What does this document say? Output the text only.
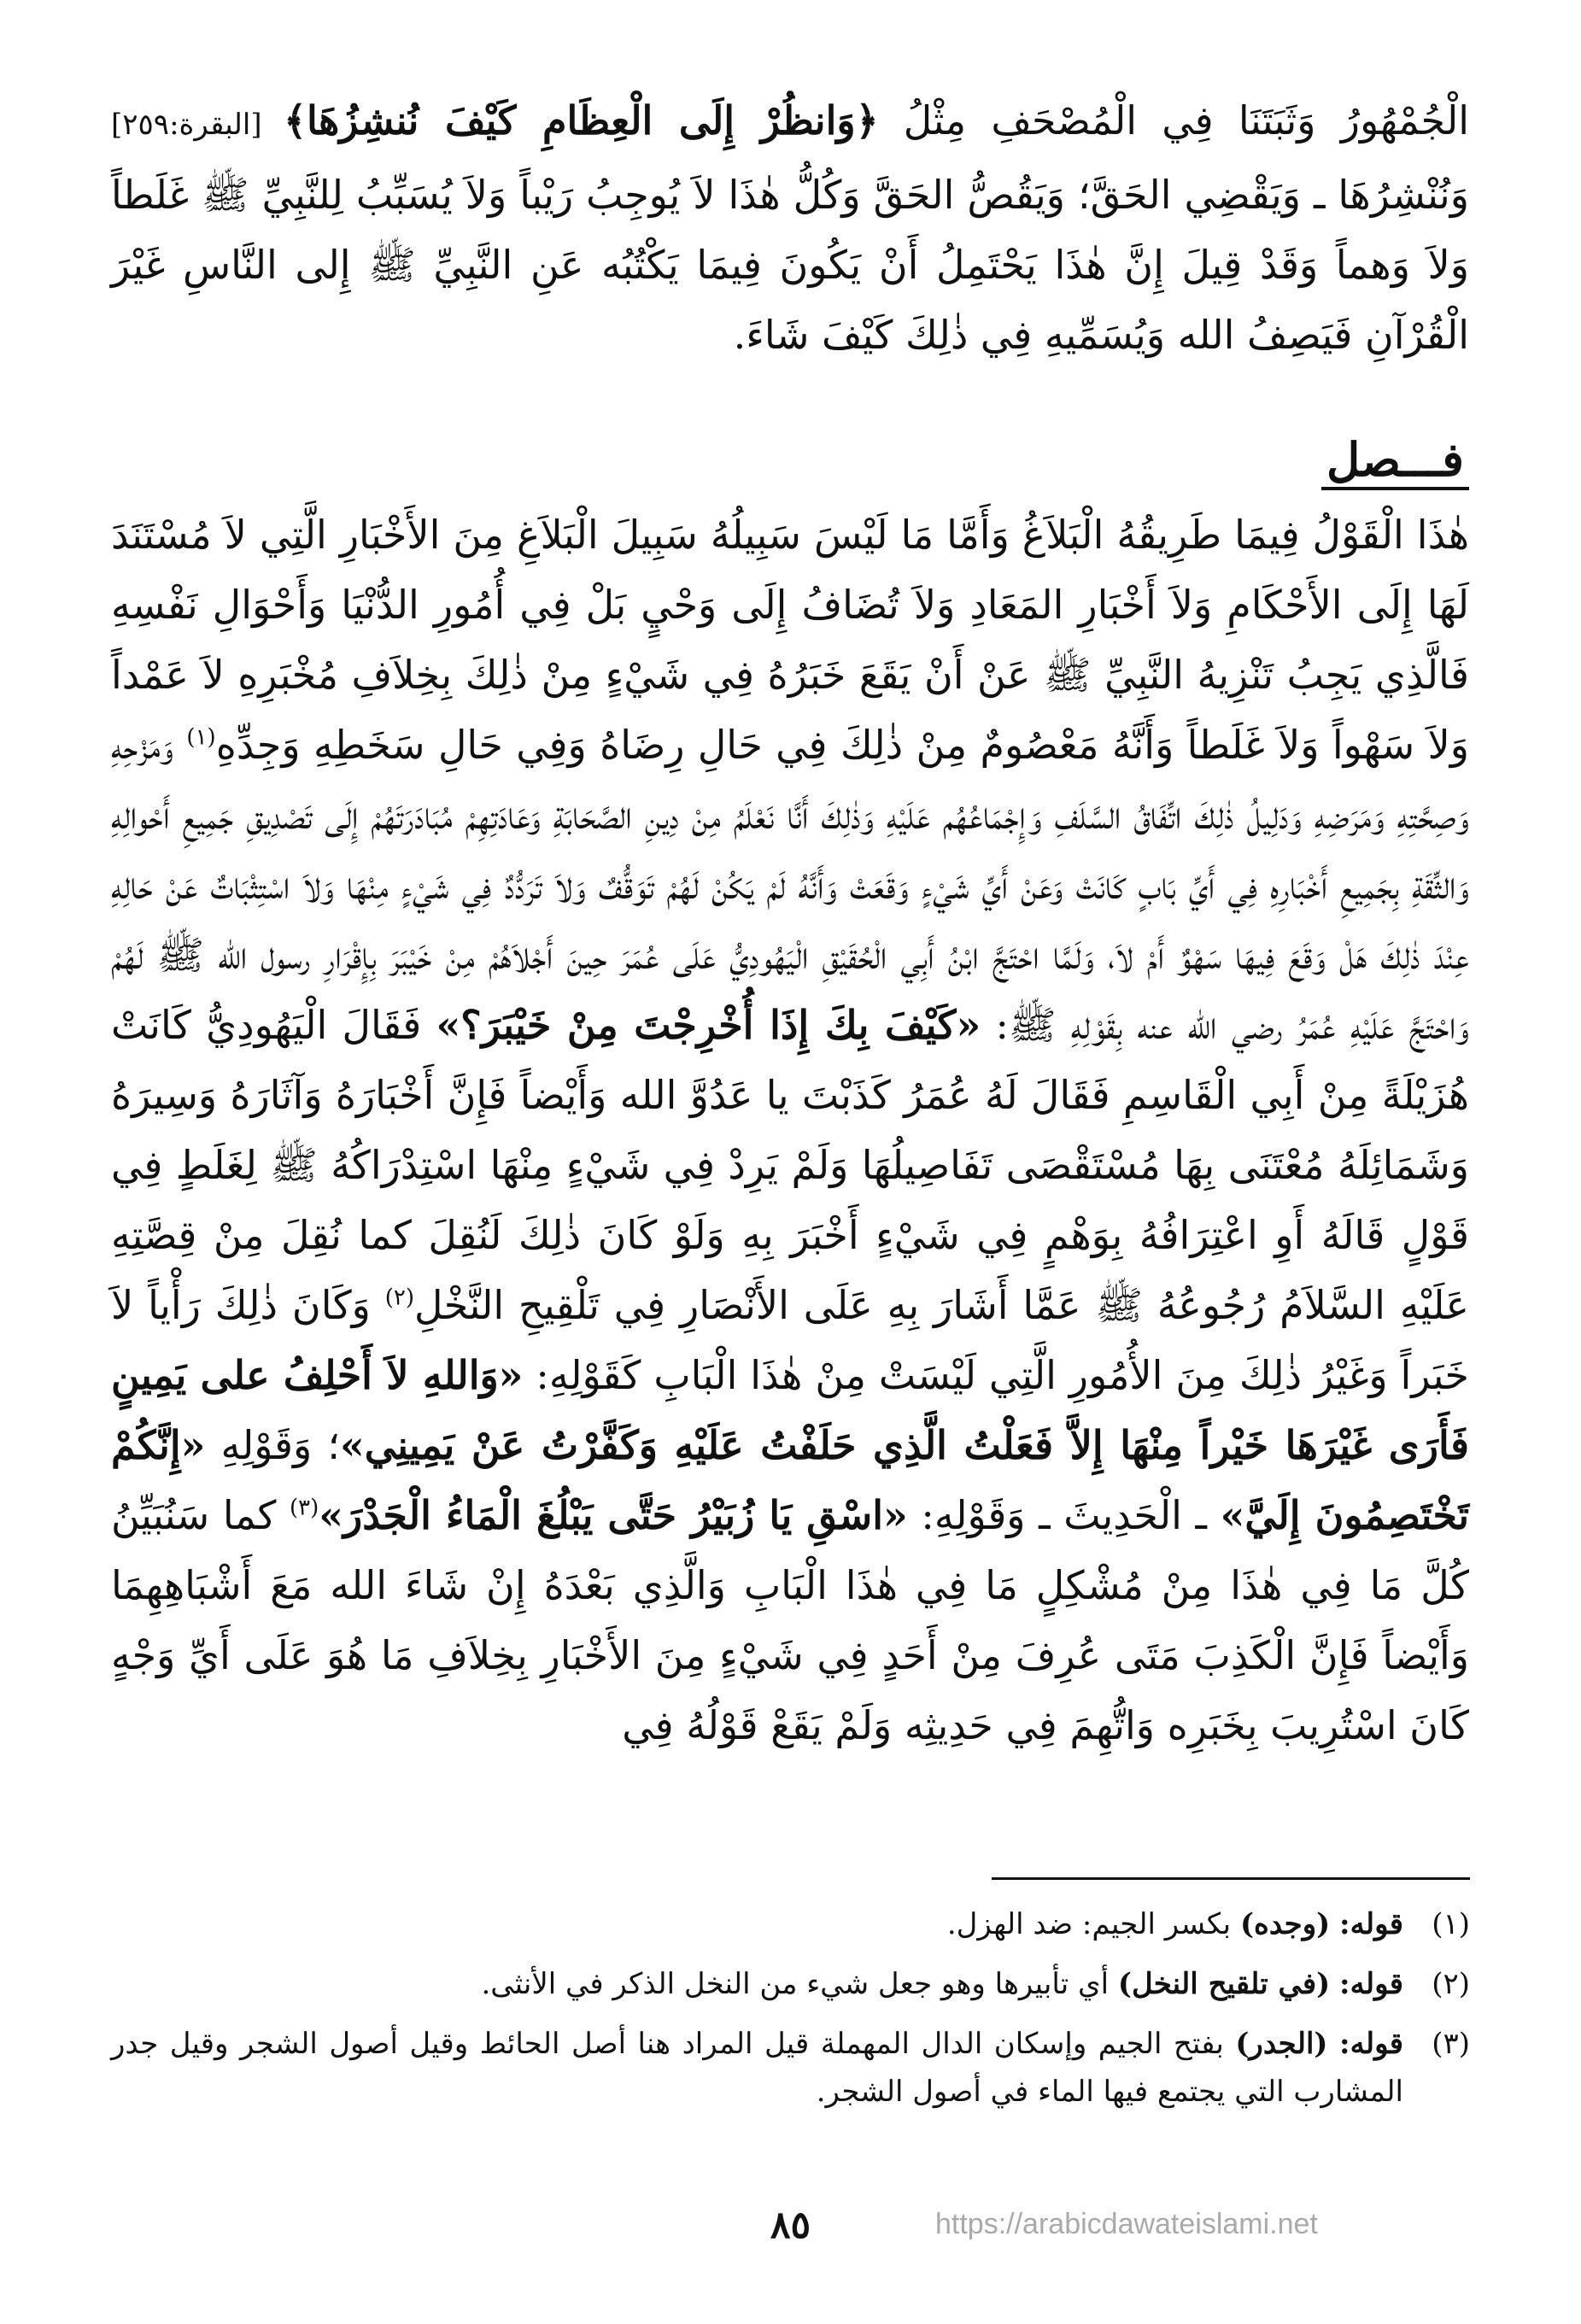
الْجُمْهُورُ وَثَبَتَنَا فِي الْمُصْحَفِ مِثْلُ ﴿وَانظُرْ إِلَى الْعِظَامِ كَيْفَ نُنشِزُهَا﴾ [البقرة:٢٥٩] وَنُنْشِرُهَا ـ وَيَقْضِي الحَقَّ؛ وَيَقُصُّ الحَقَّ وَكُلُّ هٰذَا لاَ يُوجِبُ رَيْباً وَلاَ يُسَبِّبُ لِلنَّبِيِّ ﷺ غَلَطاً وَلاَ وَهماً وَقَدْ قِيلَ إِنَّ هٰذَا يَحْتَمِلُ أَنْ يَكُونَ فِيمَا يَكْتُبُه عَنِ النَّبِيِّ ﷺ إِلى النَّاسِ غَيْرَ الْقُرْآنِ فَيَصِفُ الله وَيُسَمِّيهِ فِي ذٰلِكَ كَيْفَ شَاءَ.

فـــصل

هٰذَا الْقَوْلُ فِيمَا طَرِيقُهُ الْبَلاَغُ وَأَمَّا مَا لَيْسَ سَبِيلُهُ سَبِيلَ الْبَلاَغِ مِنَ الأَخْبَارِ الَّتِي لاَ مُسْتَنَدَ لَهَا إِلَى الأَحْكَامِ وَلاَ أَخْبَارِ المَعَادِ وَلاَ تُضَافُ إِلَى وَحْيٍ بَلْ فِي أُمُورِ الدُّنْيَا وَأَحْوَالِ نَفْسِهِ فَالَّذِي يَجِبُ تَنْزِيهُ النَّبِيِّ ﷺ عَنْ أَنْ يَقَعَ خَبَرُهُ فِي شَيْءٍ مِنْ ذٰلِكَ بِخِلاَفِ مُخْبَرِهِ لاَ عَمْداً وَلاَ سَهْواً وَلاَ غَلَطاً وَأَنَّهُ مَعْصُومٌ مِنْ ذٰلِكَ فِي حَالِ رِضَاهُ وَفِي حَالِ سَخَطِهِ وَجِدِّهِ$^{(١)}$ وَمَزْحِهِ وَصِحَّتِهِ وَمَرَضِهِ وَدَلِيلُ ذٰلِكَ اتِّفَاقُ السَّلَفِ وَإِجْمَاعُهُم عَلَيْهِ وَذٰلِكَ أَنَّا نَعْلَمُ مِنْ دِينِ الصَّحَابَةِ وَعَادَتِهِمْ مُبَادَرَتَهُمْ إِلَى تَصْدِيقِ جَمِيعِ أَحْوالِهِ وَالثِّقَةِ بِجَمِيعِ أَخْبَارِهِ فِي أَيِّ بَابٍ كَانَتْ وَعَنْ أَيِّ شَيْءٍ وَقَعَتْ وَأَنَّهُ لَمْ يَكُنْ لَهُمْ تَوَقُّفٌ وَلاَ تَرَدُّدٌ فِي شَيْءٍ مِنْهَا وَلاَ اسْتِثْبَاتٌ عَنْ حَالِهِ عِنْدَ ذٰلِكَ هَلْ وَقَعَ فِيهَا سَهْوٌ أَمْ لاَ، وَلَمَّا احْتَجَّ ابْنُ أَبِي الْحُقَيْقِ الْيَهُودِيُّ عَلَى عُمَرَ حِينَ أَجْلاَهُمْ مِنْ خَيْبَرَ بِإِقْرَارِ رسول الله ﷺ لَهُمْ وَاحْتَجَّ عَلَيْهِ عُمَرُ رضي الله عنه بِقَوْلِهِ ﷺ: «كَيْفَ بِكَ إِذَا أُخْرِجْتَ مِنْ خَيْبَرَ؟» فَقَالَ الْيَهُودِيُّ كَانَتْ هُزَيْلَةً مِنْ أَبِي الْقَاسِمِ فَقَالَ لَهُ عُمَرُ كَذَبْتَ يا عَدُوَّ الله وَأَيْضاً فَإِنَّ أَخْبَارَهُ وَآثَارَهُ وَسِيرَهُ وَشَمَائِلَهُ مُعْتَنَى بِهَا مُسْتَقْصَى تَفَاصِيلُهَا وَلَمْ يَرِدْ فِي شَيْءٍ مِنْهَا اسْتِدْرَاكُهُ ﷺ لِغَلَطٍ فِي قَوْلٍ قَالَهُ أَوِ اعْتِرَافُهُ بِوَهْمٍ فِي شَيْءٍ أَخْبَرَ بِهِ وَلَوْ كَانَ ذٰلِكَ لَنُقِلَ كما نُقِلَ مِنْ قِصَّتِهِ عَلَيْهِ السَّلاَمُ رُجُوعُهُ ﷺ عَمَّا أَشَارَ بِهِ عَلَى الأَنْصَارِ فِي تَلْقِيحِ النَّخْلِ$^{(٢)}$ وَكَانَ ذٰلِكَ رَأْياً لاَ خَبَراً وَغَيْرُ ذٰلِكَ مِنَ الأُمُورِ الَّتِي لَيْسَتْ مِنْ هٰذَا الْبَابِ كَقَوْلِهِ: «وَاللهِ لاَ أَحْلِفُ على يَمِينٍ فَأَرَى غَيْرَهَا خَيْراً مِنْهَا إِلاَّ فَعَلْتُ الَّذِي حَلَفْتُ عَلَيْهِ وَكَفَّرْتُ عَنْ يَمِينِي»؛ وَقَوْلِهِ «إِنَّكُمْ تَخْتَصِمُونَ إِلَيَّ» ـ الْحَدِيثَ ـ وَقَوْلِهِ: «اسْقِ يَا زُبَيْرُ حَتَّى يَبْلُغَ الْمَاءُ الْجَدْرَ»$^{(٣)}$ كما سَنُبَيِّنُ كُلَّ مَا فِي هٰذَا مِنْ مُشْكِلٍ مَا فِي هٰذَا الْبَابِ وَالَّذِي بَعْدَهُ إِنْ شَاءَ الله مَعَ أَشْبَاهِهِمَا وَأَيْضاً فَإِنَّ الْكَذِبَ مَتَى عُرِفَ مِنْ أَحَدٍ فِي شَيْءٍ مِنَ الأَخْبَارِ بِخِلاَفِ مَا هُوَ عَلَى أَيِّ وَجْهٍ كَانَ اسْتُرِيبَ بِخَبَرِه وَاتُّهِمَ فِي حَدِيثِه وَلَمْ يَقَعْ قَوْلُهُ فِي

(١)
قوله: (وجده) بكسر الجيم: ضد الهزل.
(٢)
قوله: (في تلقيح النخل) أي تأبيرها وهو جعل شيء من النخل الذكر في الأنثى.
(٣)
قوله: (الجدر) بفتح الجيم وإسكان الدال المهملة قيل المراد هنا أصل الحائط وقيل أصول الشجر وقيل جدر المشارب التي يجتمع فيها الماء في أصول الشجر.
٨٥	https://arabicdawateislami.net
